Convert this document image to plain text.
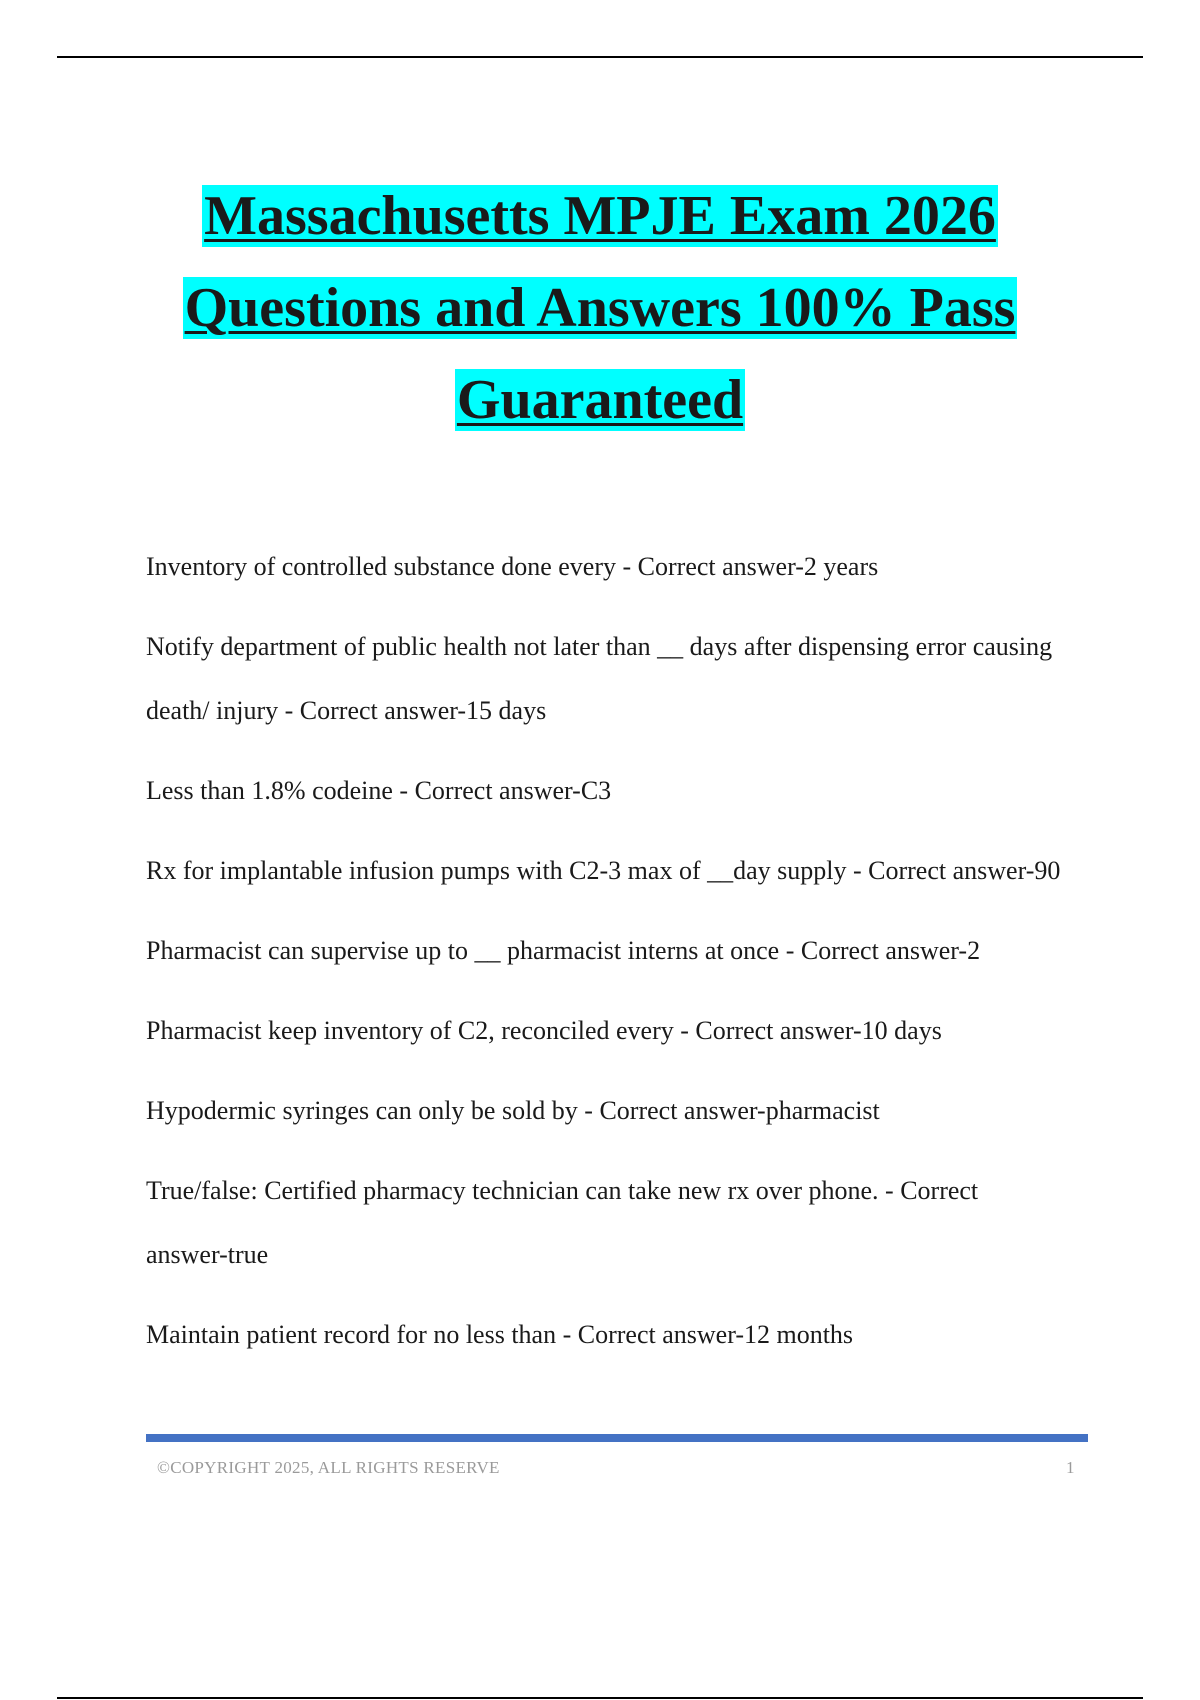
Massachusetts MPJE Exam 2026
Questions and Answers 100% Pass
Guaranteed
Inventory of controlled substance done every - Correct answer-2 years
Notify department of public health not later than __ days after dispensing error causing death/ injury - Correct answer-15 days
Less than 1.8% codeine - Correct answer-C3
Rx for implantable infusion pumps with C2-3 max of __day supply - Correct answer-90
Pharmacist can supervise up to __ pharmacist interns at once - Correct answer-2
Pharmacist keep inventory of C2, reconciled every - Correct answer-10 days
Hypodermic syringes can only be sold by - Correct answer-pharmacist
True/false: Certified pharmacy technician can take new rx over phone. - Correct answer-true
Maintain patient record for no less than - Correct answer-12 months
©COPYRIGHT 2025, ALL RIGHTS RESERVE	1
